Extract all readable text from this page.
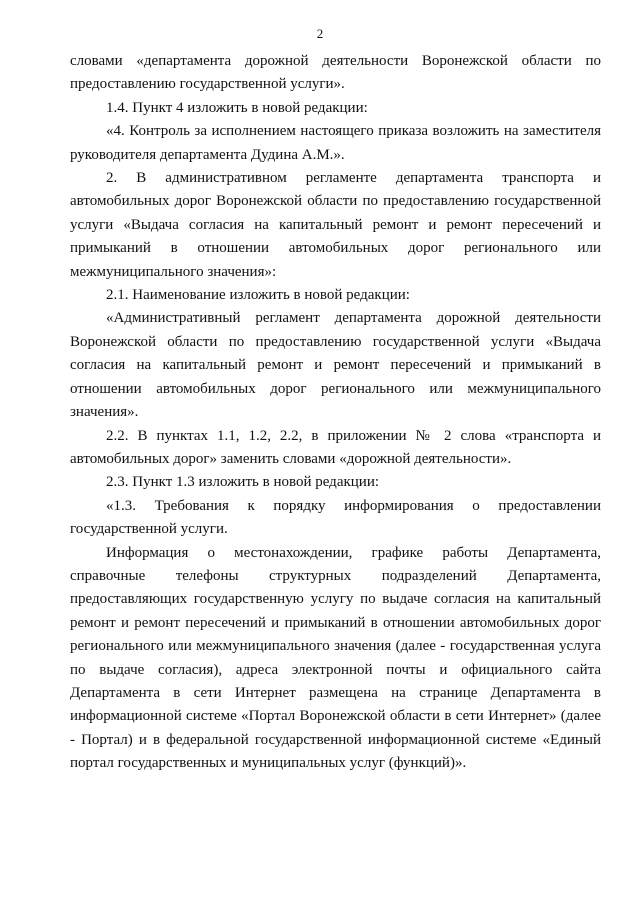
2

словами «департамента дорожной деятельности Воронежской области по предоставлению государственной услуги».

1.4. Пункт 4 изложить в новой редакции:

«4. Контроль за исполнением настоящего приказа возложить на заместителя руководителя департамента Дудина А.М.».

2. В административном регламенте департамента транспорта и автомобильных дорог Воронежской области по предоставлению государственной услуги «Выдача согласия на капитальный ремонт и ремонт пересечений и примыканий в отношении автомобильных дорог регионального или межмуниципального значения»:

2.1. Наименование изложить в новой редакции:

«Административный регламент департамента дорожной деятельности Воронежской области по предоставлению государственной услуги «Выдача согласия на капитальный ремонт и ремонт пересечений и примыканий в отношении автомобильных дорог регионального или межмуниципального значения».

2.2. В пунктах 1.1, 1.2, 2.2, в приложении № 2 слова «транспорта и автомобильных дорог» заменить словами «дорожной деятельности».

2.3. Пункт 1.3 изложить в новой редакции:

«1.3. Требования к порядку информирования о предоставлении государственной услуги.

Информация о местонахождении, графике работы Департамента, справочные телефоны структурных подразделений Департамента, предоставляющих государственную услугу по выдаче согласия на капитальный ремонт и ремонт пересечений и примыканий в отношении автомобильных дорог регионального или межмуниципального значения (далее - государственная услуга по выдаче согласия), адреса электронной почты и официального сайта Департамента в сети Интернет размещена на странице Департамента в информационной системе «Портал Воронежской области в сети Интернет» (далее - Портал) и в федеральной государственной информационной системе «Единый портал государственных и муниципальных услуг (функций)».
